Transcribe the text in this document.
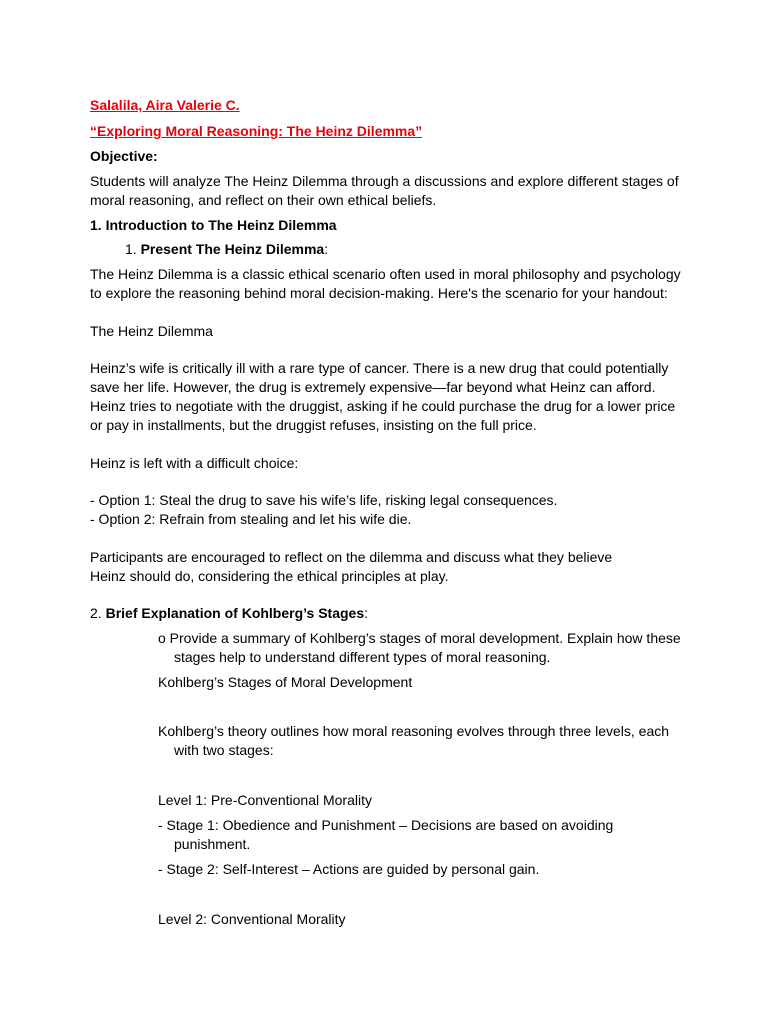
Salalila, Aira Valerie C.
“Exploring Moral Reasoning: The Heinz Dilemma”
Objective:
Students will analyze The Heinz Dilemma through a discussions and explore different stages of
moral reasoning, and reflect on their own ethical beliefs.
1. Introduction to The Heinz Dilemma
1. Present The Heinz Dilemma:
The Heinz Dilemma is a classic ethical scenario often used in moral philosophy and psychology
to explore the reasoning behind moral decision-making. Here's the scenario for your handout:
The Heinz Dilemma
Heinz’s wife is critically ill with a rare type of cancer. There is a new drug that could potentially
save her life. However, the drug is extremely expensive—far beyond what Heinz can afford.
Heinz tries to negotiate with the druggist, asking if he could purchase the drug for a lower price
or pay in installments, but the druggist refuses, insisting on the full price.
Heinz is left with a difficult choice:
- Option 1: Steal the drug to save his wife’s life, risking legal consequences.
- Option 2: Refrain from stealing and let his wife die.
Participants are encouraged to reflect on the dilemma and discuss what they believe
Heinz should do, considering the ethical principles at play.
2. Brief Explanation of Kohlberg’s Stages:
o Provide a summary of Kohlberg’s stages of moral development. Explain how these
stages help to understand different types of moral reasoning.
Kohlberg’s Stages of Moral Development
Kohlberg’s theory outlines how moral reasoning evolves through three levels, each
with two stages:
Level 1: Pre-Conventional Morality
- Stage 1: Obedience and Punishment – Decisions are based on avoiding
punishment.
- Stage 2: Self-Interest – Actions are guided by personal gain.
Level 2: Conventional Morality
